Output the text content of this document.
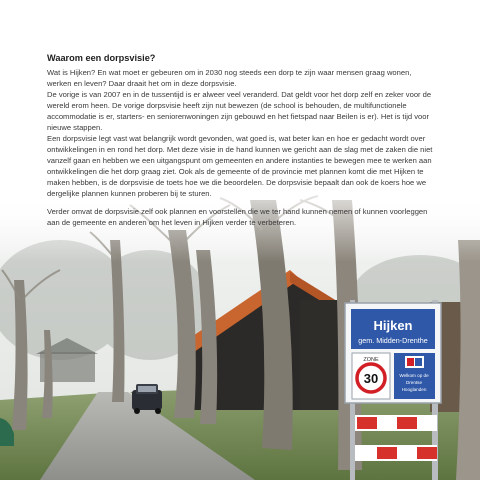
Hijken
gem. Midden-Drenthe
ZONE
30	Welkom op de
Drentse
Hooglanden
Waarom een dorpsvisie?

Wat is Hijken? En wat moet er gebeuren om in 2030 nog steeds een dorp te zijn waar mensen graag wonen, werken en leven? Daar draait het om in deze dorpsvisie.

De vorige is van 2007 en in de tussentijd is er alweer veel veranderd. Dat geldt voor het dorp zelf en zeker voor de wereld erom heen. De vorige dorpsvisie heeft zijn nut bewezen (de school is behouden, de multifunctionele accommodatie is er, starters- en seniorenwoningen zijn gebouwd en het fietspad naar Beilen is er). Het is tijd voor nieuwe stappen.

Een dorpsvisie legt vast wat belangrijk wordt gevonden, wat goed is, wat beter kan en hoe er gedacht wordt over ontwikkelingen in en rond het dorp. Met deze visie in de hand kunnen we gericht aan de slag met de zaken die niet vanzelf gaan en hebben we een uitgangspunt om gemeenten en andere instanties te bewegen mee te werken aan ontwikkelingen die het dorp graag ziet. Ook als de gemeente of de provincie met plannen komt die met Hijken te maken hebben, is de dorpsvisie de toets hoe we die beoordelen. De dorpsvisie bepaalt dan ook de koers hoe we dergelijke plannen kunnen proberen bij te sturen.

Verder omvat de dorpsvisie zelf ook plannen en voorstellen die we ter hand kunnen nemen of kunnen voorleggen aan de gemeente en anderen om het leven in Hijken verder te verbeteren.
